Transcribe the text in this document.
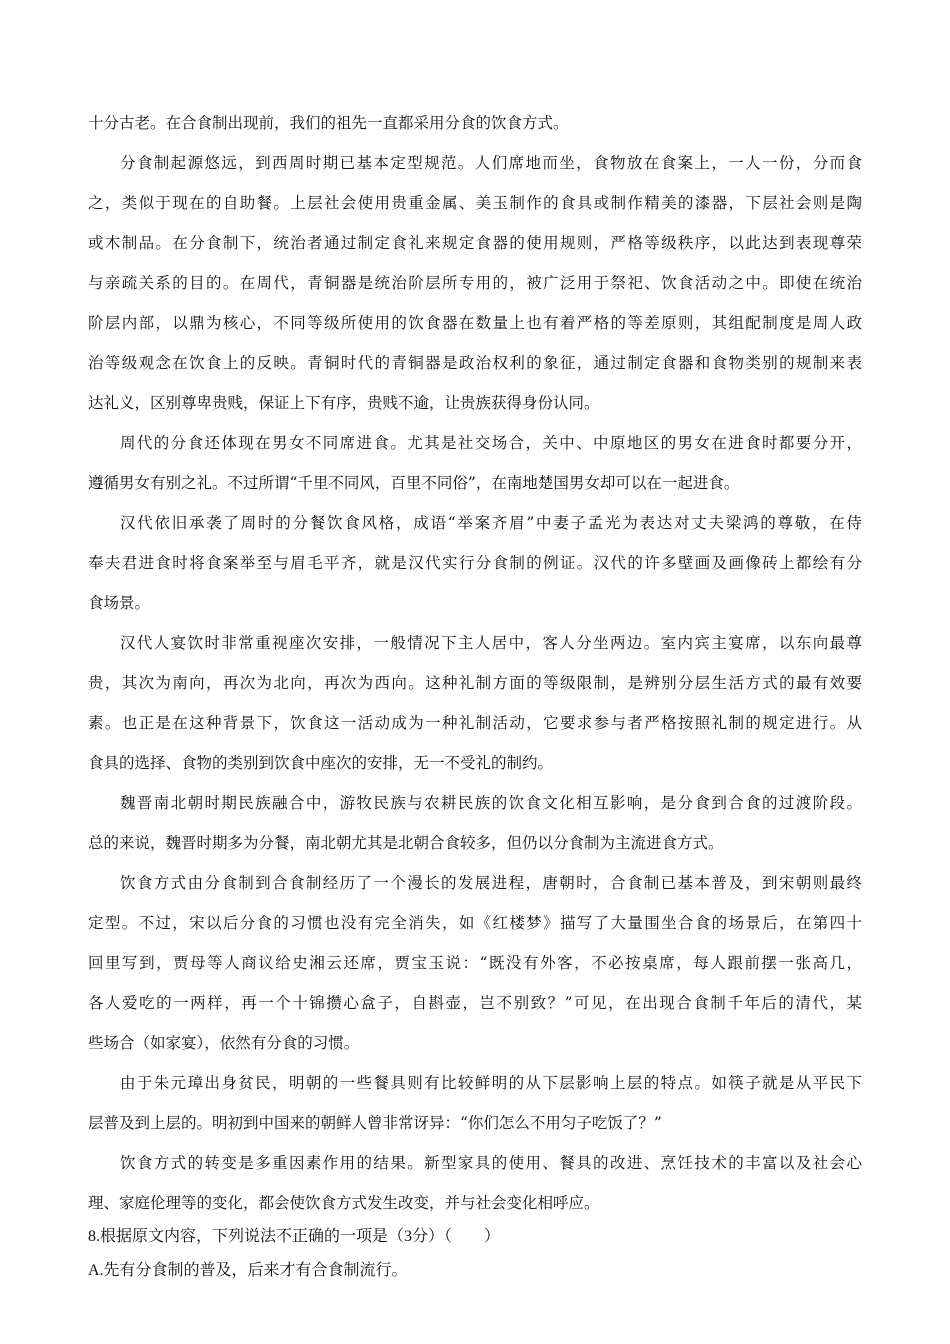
十分古老。在合食制出现前，我们的祖先一直都采用分食的饮食方式。
分食制起源悠远，到西周时期已基本定型规范。人们席地而坐，食物放在食案上，一人一份，分而食
之，类似于现在的自助餐。上层社会使用贵重金属、美玉制作的食具或制作精美的漆器，下层社会则是陶
或木制品。在分食制下，统治者通过制定食礼来规定食器的使用规则，严格等级秩序，以此达到表现尊荣
与亲疏关系的目的。在周代，青铜器是统治阶层所专用的，被广泛用于祭祀、饮食活动之中。即使在统治
阶层内部，以鼎为核心，不同等级所使用的饮食器在数量上也有着严格的等差原则，其组配制度是周人政
治等级观念在饮食上的反映。青铜时代的青铜器是政治权利的象征，通过制定食器和食物类别的规制来表
达礼义，区别尊卑贵贱，保证上下有序，贵贱不逾，让贵族获得身份认同。
周代的分食还体现在男女不同席进食。尤其是社交场合，关中、中原地区的男女在进食时都要分开，
遵循男女有别之礼。不过所谓“千里不同风，百里不同俗”，在南地楚国男女却可以在一起进食。
汉代依旧承袭了周时的分餐饮食风格，成语“举案齐眉”中妻子孟光为表达对丈夫梁鸿的尊敬，在侍
奉夫君进食时将食案举至与眉毛平齐，就是汉代实行分食制的例证。汉代的许多壁画及画像砖上都绘有分
食场景。
汉代人宴饮时非常重视座次安排，一般情况下主人居中，客人分坐两边。室内宾主宴席，以东向最尊
贵，其次为南向，再次为北向，再次为西向。这种礼制方面的等级限制，是辨别分层生活方式的最有效要
素。也正是在这种背景下，饮食这一活动成为一种礼制活动，它要求参与者严格按照礼制的规定进行。从
食具的选择、食物的类别到饮食中座次的安排，无一不受礼的制约。
魏晋南北朝时期民族融合中，游牧民族与农耕民族的饮食文化相互影响，是分食到合食的过渡阶段。
总的来说，魏晋时期多为分餐，南北朝尤其是北朝合食较多，但仍以分食制为主流进食方式。
饮食方式由分食制到合食制经历了一个漫长的发展进程，唐朝时，合食制已基本普及，到宋朝则最终
定型。不过，宋以后分食的习惯也没有完全消失，如《红楼梦》描写了大量围坐合食的场景后，在第四十
回里写到，贾母等人商议给史湘云还席，贾宝玉说：“既没有外客，不必按桌席，每人跟前摆一张高几，
各人爱吃的一两样，再一个十锦攒心盒子，自斟壶，岂不别致？”可见，在出现合食制千年后的清代，某
些场合（如家宴），依然有分食的习惯。
由于朱元璋出身贫民，明朝的一些餐具则有比较鲜明的从下层影响上层的特点。如筷子就是从平民下
层普及到上层的。明初到中国来的朝鲜人曾非常讶异：“你们怎么不用匀子吃饭了？”
饮食方式的转变是多重因素作用的结果。新型家具的使用、餐具的改进、烹饪技术的丰富以及社会心
理、家庭伦理等的变化，都会使饮食方式发生改变，并与社会变化相呼应。
8.根据原文内容，下列说法不正确的一项是（3分）（　　）
A.先有分食制的普及，后来才有合食制流行。
